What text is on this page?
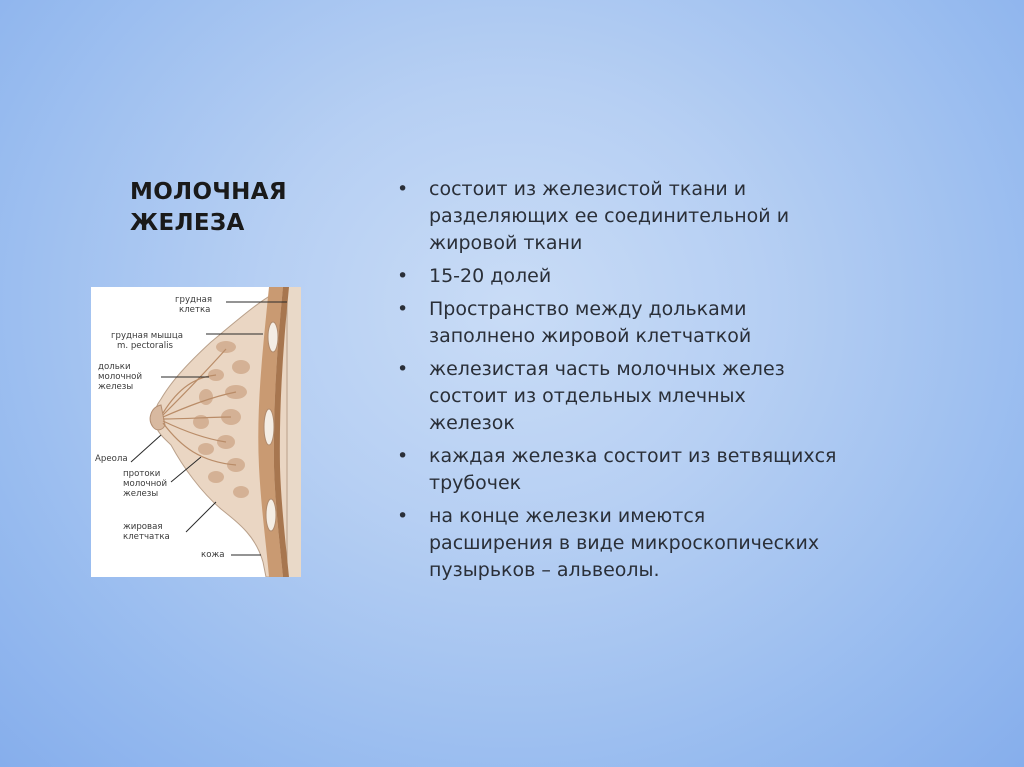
МОЛОЧНАЯ
ЖЕЛЕЗА
грудная
клетка
грудная мышца
m. pectoralis
дольки
молочной
железы
Ареола
протоки
молочной
железы
жировая
клетчатка
кожа
•	состоит из железистой ткани и
разделяющих ее соединительной и
жировой ткани
•	15-20 долей
•	Пространство между дольками
заполнено жировой клетчаткой
•	железистая часть молочных желез
состоит из отдельных млечных
железок
•	каждая железка состоит из ветвящихся
трубочек
•	на конце железки имеются
расширения в виде микроскопических
пузырьков – альвеолы.
